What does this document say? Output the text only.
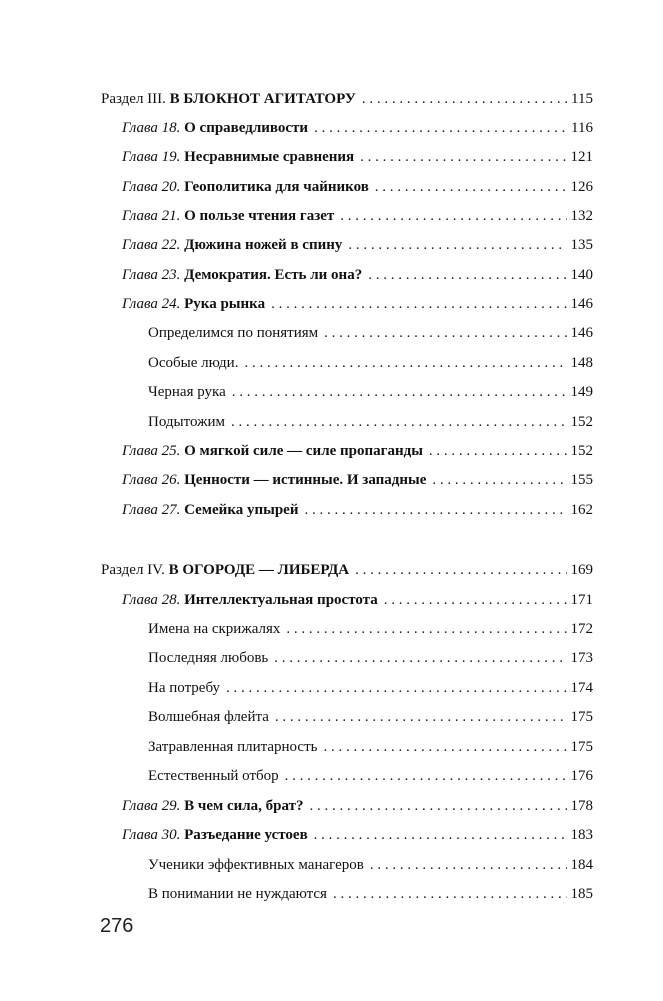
Раздел III. В БЛОКНОТ АГИТАТОРУ . . .	115
Глава 18. О справедливости . . .	116
Глава 19. Несравнимые сравнения . . .	121
Глава 20. Геополитика для чайников . . .	126
Глава 21. О пользе чтения газет . . .	132
Глава 22. Дюжина ножей в спину . . .	135
Глава 23. Демократия. Есть ли она? . . .	140
Глава 24. Рука рынка . . .	146
Определимся по понятиям . . .	146
Особые люди. . . .	148
Черная рука . . .	149
Подытожим . . .	152
Глава 25. О мягкой силе — силе пропаганды . . .	152
Глава 26. Ценности — истинные. И западные . . .	155
Глава 27. Семейка упырей . . .	162
Раздел IV. В ОГОРОДЕ — ЛИБЕРДА . . .	169
Глава 28. Интеллектуальная простота . . .	171
Имена на скрижалях . . .	172
Последняя любовь . . .	173
На потребу . . .	174
Волшебная флейта . . .	175
Затравленная плитарность . . .	175
Естественный отбор . . .	176
Глава 29. В чем сила, брат? . . .	178
Глава 30. Разъедание устоев . . .	183
Ученики эффективных манагеров . . .	184
В понимании не нуждаются . . .	185
276
